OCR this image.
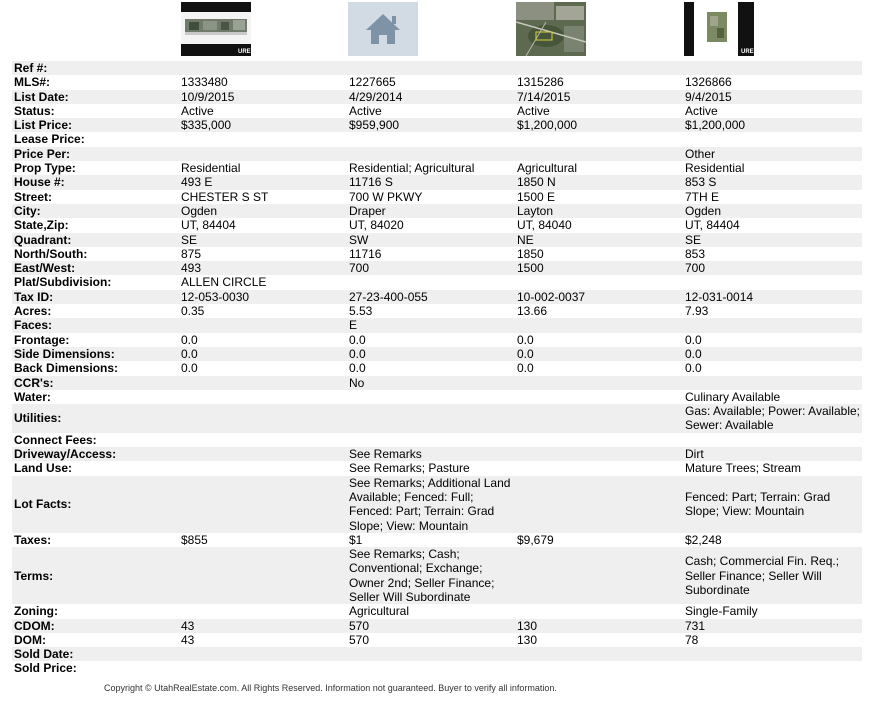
URE	URE
Ref #:				
MLS#:	1333480	1227665	1315286	1326866
List Date:	10/9/2015	4/29/2014	7/14/2015	9/4/2015
Status:	Active	Active	Active	Active
List Price:	$335,000	$959,900	$1,200,000	$1,200,000
Lease Price:				
Price Per:				Other
Prop Type:	Residential	Residential; Agricultural	Agricultural	Residential
House #:	493 E	11716 S	1850 N	853 S
Street:	CHESTER S ST	700 W PKWY	1500 E	7TH E
City:	Ogden	Draper	Layton	Ogden
State,Zip:	UT, 84404	UT, 84020	UT, 84040	UT, 84404
Quadrant:	SE	SW	NE	SE
North/South:	875	11716	1850	853
East/West:	493	700	1500	700
Plat/Subdivision:	ALLEN CIRCLE			
Tax ID:	12-053-0030	27-23-400-055	10-002-0037	12-031-0014
Acres:	0.35	5.53	13.66	7.93
Faces:		E		
Frontage:	0.0	0.0	0.0	0.0
Side Dimensions:	0.0	0.0	0.0	0.0
Back Dimensions:	0.0	0.0	0.0	0.0
CCR's:		No		
Water:				Culinary Available
Utilities:				Gas: Available; Power: Available; Sewer: Available
Connect Fees:				
Driveway/Access:		See Remarks		Dirt
Land Use:		See Remarks; Pasture		Mature Trees; Stream
Lot Facts:		See Remarks; Additional Land Available; Fenced: Full; Fenced: Part; Terrain: Grad Slope; View: Mountain		Fenced: Part; Terrain: Grad Slope; View: Mountain
Taxes:	$855	$1	$9,679	$2,248
Terms:		See Remarks; Cash; Conventional; Exchange; Owner 2nd; Seller Finance; Seller Will Subordinate		Cash; Commercial Fin. Req.; Seller Finance; Seller Will Subordinate
Zoning:		Agricultural		Single-Family
CDOM:	43	570	130	731
DOM:	43	570	130	78
Sold Date:				
Sold Price:				
Copyright © UtahRealEstate.com. All Rights Reserved. Information not guaranteed. Buyer to verify all information.
